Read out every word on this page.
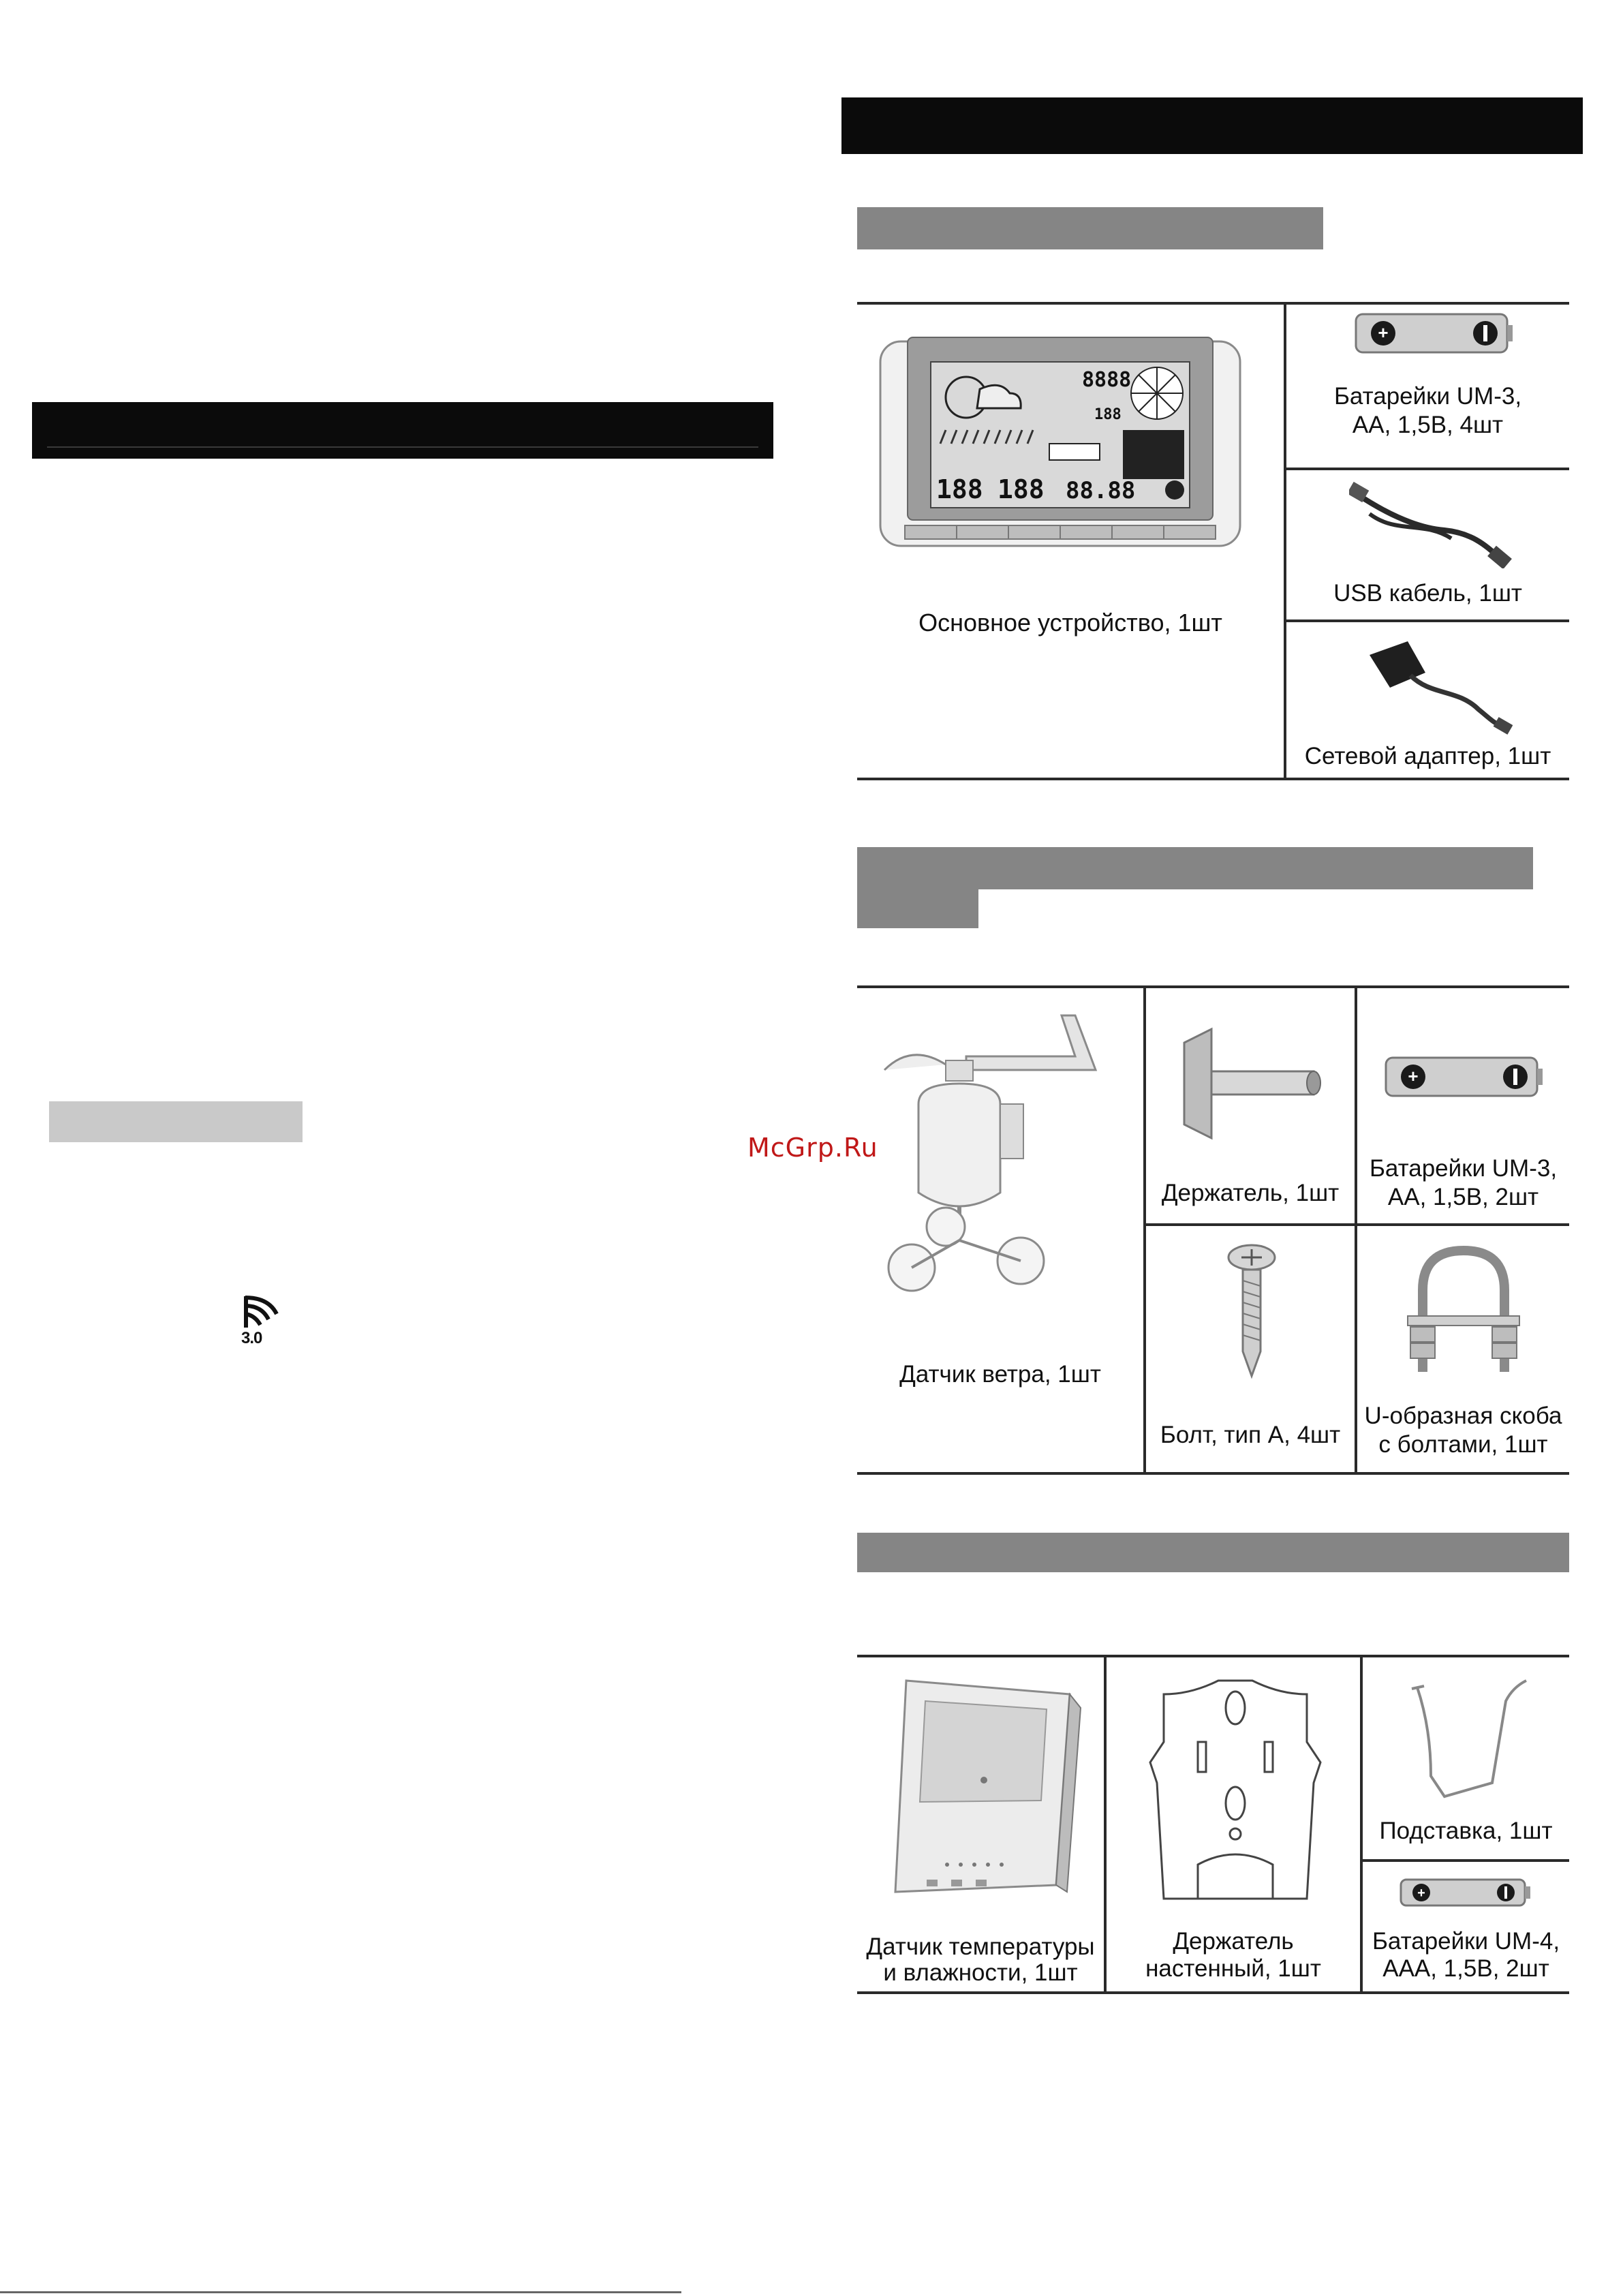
3.0
McGrp.Ru
8888
188
188 188 88.88
Основное устройство, 1шт
+
Батарейки UM-3,
AA, 1,5В, 4шт
USB кабель, 1шт
Сетевой адаптер, 1шт
Датчик ветра, 1шт
Держатель, 1шт
+
Батарейки UM-3,
AA, 1,5В, 2шт
Болт, тип A, 4шт
U-образная скоба
с болтами, 1шт
Датчик температуры
и влажности, 1шт
Держатель
настенный, 1шт
Подставка, 1шт
+
Батарейки UM-4,
AAA, 1,5В, 2шт
